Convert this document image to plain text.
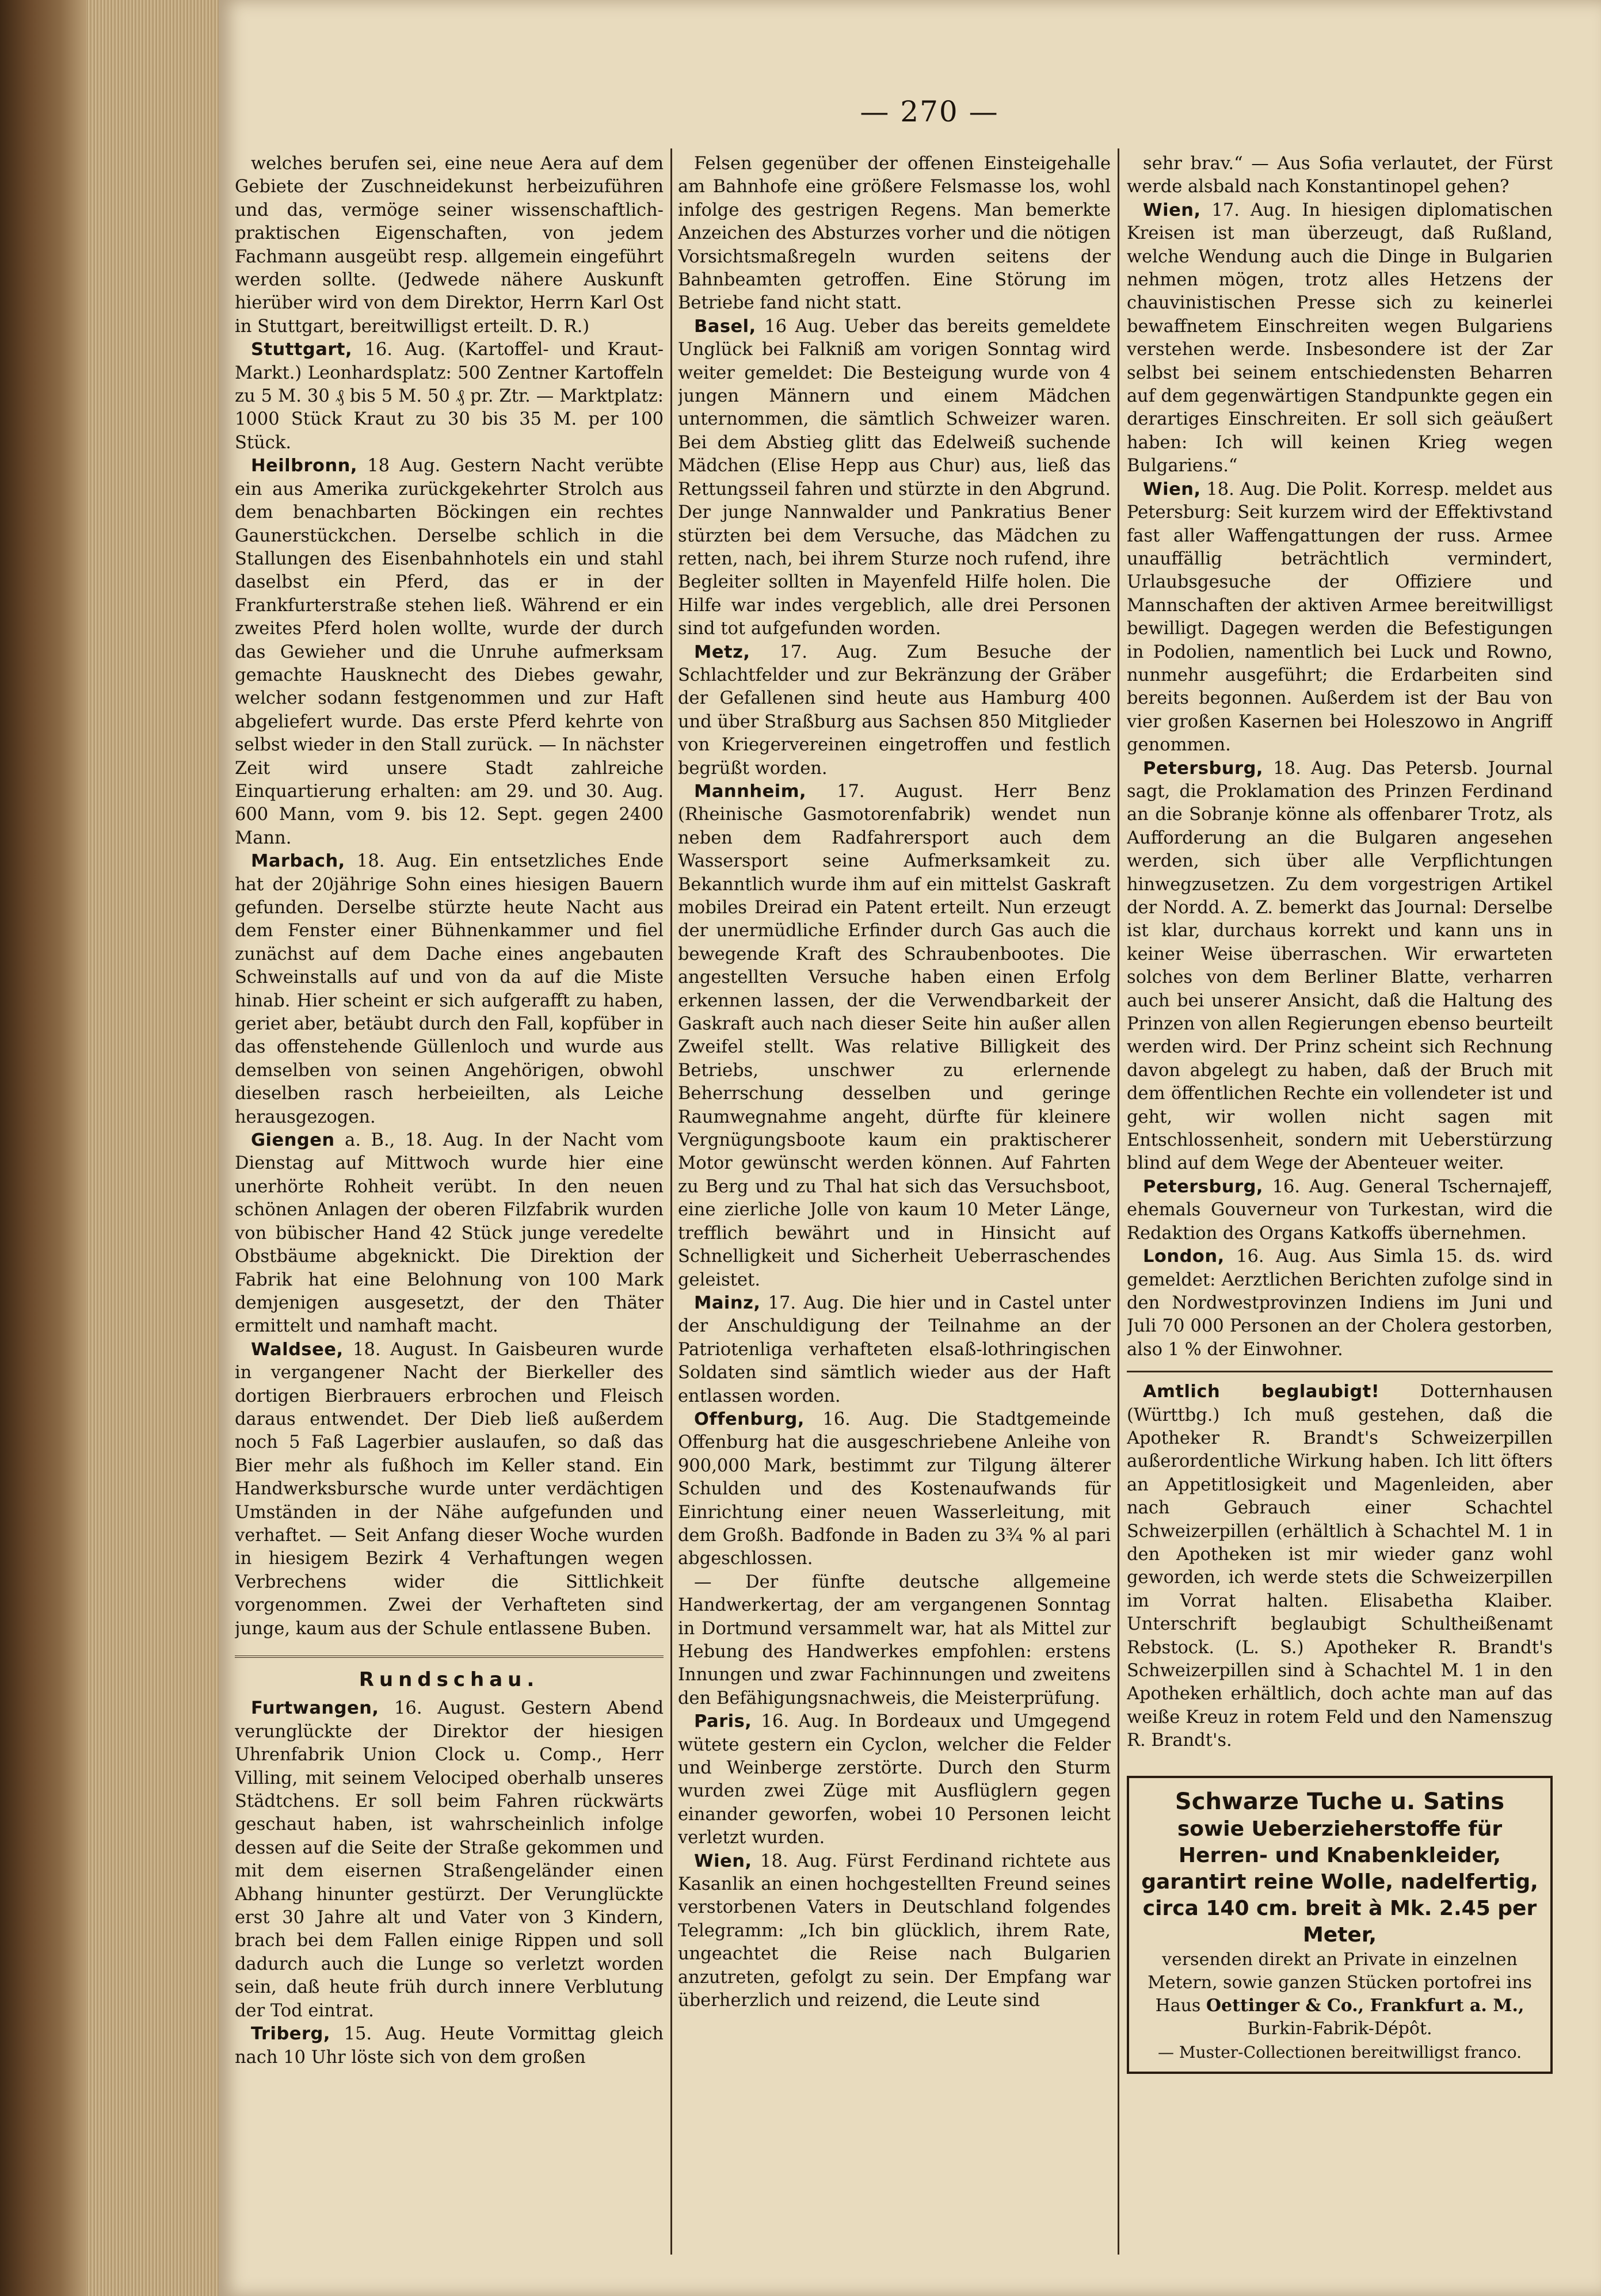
— 270 —

welches berufen sei, eine neue Aera auf dem Gebiete der Zuschneidekunst herbeizuführen und das, vermöge seiner wissenschaftlich-praktischen Eigenschaften, von jedem Fachmann ausgeübt resp. allgemein eingeführt werden sollte. (Jedwede nähere Auskunft hierüber wird von dem Direktor, Herrn Karl Ost in Stuttgart, bereitwilligst erteilt. D. R.)

Stuttgart, 16. Aug. (Kartoffel- und Kraut-Markt.) Leonhardsplatz: 500 Zentner Kartoffeln zu 5 M. 30 ₰ bis 5 M. 50 ₰ pr. Ztr. — Marktplatz: 1000 Stück Kraut zu 30 bis 35 M. per 100 Stück.

Heilbronn, 18 Aug. Gestern Nacht verübte ein aus Amerika zurückgekehrter Strolch aus dem benachbarten Böckingen ein rechtes Gaunerstückchen. Derselbe schlich in die Stallungen des Eisenbahnhotels ein und stahl daselbst ein Pferd, das er in der Frankfurterstraße stehen ließ. Während er ein zweites Pferd holen wollte, wurde der durch das Gewieher und die Unruhe aufmerksam gemachte Hausknecht des Diebes gewahr, welcher sodann festgenommen und zur Haft abgeliefert wurde. Das erste Pferd kehrte von selbst wieder in den Stall zurück. — In nächster Zeit wird unsere Stadt zahlreiche Einquartierung erhalten: am 29. und 30. Aug. 600 Mann, vom 9. bis 12. Sept. gegen 2400 Mann.

Marbach, 18. Aug. Ein entsetzliches Ende hat der 20jährige Sohn eines hiesigen Bauern gefunden. Derselbe stürzte heute Nacht aus dem Fenster einer Bühnenkammer und fiel zunächst auf dem Dache eines angebauten Schweinstalls auf und von da auf die Miste hinab. Hier scheint er sich aufgerafft zu haben, geriet aber, betäubt durch den Fall, kopfüber in das offenstehende Güllenloch und wurde aus demselben von seinen Angehörigen, obwohl dieselben rasch herbeieilten, als Leiche herausgezogen.

Giengen a. B., 18. Aug. In der Nacht vom Dienstag auf Mittwoch wurde hier eine unerhörte Rohheit verübt. In den neuen schönen Anlagen der oberen Filzfabrik wurden von bübischer Hand 42 Stück junge veredelte Obstbäume abgeknickt. Die Direktion der Fabrik hat eine Belohnung von 100 Mark demjenigen ausgesetzt, der den Thäter ermittelt und namhaft macht.

Waldsee, 18. August. In Gaisbeuren wurde in vergangener Nacht der Bierkeller des dortigen Bierbrauers erbrochen und Fleisch daraus entwendet. Der Dieb ließ außerdem noch 5 Faß Lagerbier auslaufen, so daß das Bier mehr als fußhoch im Keller stand. Ein Handwerksbursche wurde unter verdächtigen Umständen in der Nähe aufgefunden und verhaftet. — Seit Anfang dieser Woche wurden in hiesigem Bezirk 4 Verhaftungen wegen Verbrechens wider die Sittlichkeit vorgenommen. Zwei der Verhafteten sind junge, kaum aus der Schule entlassene Buben.

Rundschau.

Furtwangen, 16. August. Gestern Abend verunglückte der Direktor der hiesigen Uhrenfabrik Union Clock u. Comp., Herr Villing, mit seinem Velociped oberhalb unseres Städtchens. Er soll beim Fahren rückwärts geschaut haben, ist wahrscheinlich infolge dessen auf die Seite der Straße gekommen und mit dem eisernen Straßengeländer einen Abhang hinunter gestürzt. Der Verunglückte erst 30 Jahre alt und Vater von 3 Kindern, brach bei dem Fallen einige Rippen und soll dadurch auch die Lunge so verletzt worden sein, daß heute früh durch innere Verblutung der Tod eintrat.

Triberg, 15. Aug. Heute Vormittag gleich nach 10 Uhr löste sich von dem großen

Felsen gegenüber der offenen Einsteigehalle am Bahnhofe eine größere Felsmasse los, wohl infolge des gestrigen Regens. Man bemerkte Anzeichen des Absturzes vorher und die nötigen Vorsichtsmaßregeln wurden seitens der Bahnbeamten getroffen. Eine Störung im Betriebe fand nicht statt.

Basel, 16 Aug. Ueber das bereits gemeldete Unglück bei Falkniß am vorigen Sonntag wird weiter gemeldet: Die Besteigung wurde von 4 jungen Männern und einem Mädchen unternommen, die sämtlich Schweizer waren. Bei dem Abstieg glitt das Edelweiß suchende Mädchen (Elise Hepp aus Chur) aus, ließ das Rettungsseil fahren und stürzte in den Abgrund. Der junge Nannwalder und Pankratius Bener stürzten bei dem Versuche, das Mädchen zu retten, nach, bei ihrem Sturze noch rufend, ihre Begleiter sollten in Mayenfeld Hilfe holen. Die Hilfe war indes vergeblich, alle drei Personen sind tot aufgefunden worden.

Metz, 17. Aug. Zum Besuche der Schlachtfelder und zur Bekränzung der Gräber der Gefallenen sind heute aus Hamburg 400 und über Straßburg aus Sachsen 850 Mitglieder von Kriegervereinen eingetroffen und festlich begrüßt worden.

Mannheim, 17. August. Herr Benz (Rheinische Gasmotorenfabrik) wendet nun neben dem Radfahrersport auch dem Wassersport seine Aufmerksamkeit zu. Bekanntlich wurde ihm auf ein mittelst Gaskraft mobiles Dreirad ein Patent erteilt. Nun erzeugt der unermüdliche Erfinder durch Gas auch die bewegende Kraft des Schraubenbootes. Die angestellten Versuche haben einen Erfolg erkennen lassen, der die Verwendbarkeit der Gaskraft auch nach dieser Seite hin außer allen Zweifel stellt. Was relative Billigkeit des Betriebs, unschwer zu erlernende Beherrschung desselben und geringe Raumwegnahme angeht, dürfte für kleinere Vergnügungsboote kaum ein praktischerer Motor gewünscht werden können. Auf Fahrten zu Berg und zu Thal hat sich das Versuchsboot, eine zierliche Jolle von kaum 10 Meter Länge, trefflich bewährt und in Hinsicht auf Schnelligkeit und Sicherheit Ueberraschendes geleistet.

Mainz, 17. Aug. Die hier und in Castel unter der Anschuldigung der Teilnahme an der Patriotenliga verhafteten elsaß-lothringischen Soldaten sind sämtlich wieder aus der Haft entlassen worden.

Offenburg, 16. Aug. Die Stadtgemeinde Offenburg hat die ausgeschriebene Anleihe von 900,000 Mark, bestimmt zur Tilgung älterer Schulden und des Kostenaufwands für Einrichtung einer neuen Wasserleitung, mit dem Großh. Badfonde in Baden zu 3¾ % al pari abgeschlossen.

— Der fünfte deutsche allgemeine Handwerkertag, der am vergangenen Sonntag in Dortmund versammelt war, hat als Mittel zur Hebung des Handwerkes empfohlen: erstens Innungen und zwar Fachinnungen und zweitens den Befähigungsnachweis, die Meisterprüfung.

Paris, 16. Aug. In Bordeaux und Umgegend wütete gestern ein Cyclon, welcher die Felder und Weinberge zerstörte. Durch den Sturm wurden zwei Züge mit Ausflüglern gegen einander geworfen, wobei 10 Personen leicht verletzt wurden.

Wien, 18. Aug. Fürst Ferdinand richtete aus Kasanlik an einen hochgestellten Freund seines verstorbenen Vaters in Deutschland folgendes Telegramm: „Ich bin glücklich, ihrem Rate, ungeachtet die Reise nach Bulgarien anzutreten, gefolgt zu sein. Der Empfang war überherzlich und reizend, die Leute sind

sehr brav.“ — Aus Sofia verlautet, der Fürst werde alsbald nach Konstantinopel gehen?

Wien, 17. Aug. In hiesigen diplomatischen Kreisen ist man überzeugt, daß Rußland, welche Wendung auch die Dinge in Bulgarien nehmen mögen, trotz alles Hetzens der chauvinistischen Presse sich zu keinerlei bewaffnetem Einschreiten wegen Bulgariens verstehen werde. Insbesondere ist der Zar selbst bei seinem entschiedensten Beharren auf dem gegenwärtigen Standpunkte gegen ein derartiges Einschreiten. Er soll sich geäußert haben: Ich will keinen Krieg wegen Bulgariens.“

Wien, 18. Aug. Die Polit. Korresp. meldet aus Petersburg: Seit kurzem wird der Effektivstand fast aller Waffengattungen der russ. Armee unauffällig beträchtlich vermindert, Urlaubsgesuche der Offiziere und Mannschaften der aktiven Armee bereitwilligst bewilligt. Dagegen werden die Befestigungen in Podolien, namentlich bei Luck und Rowno, nunmehr ausgeführt; die Erdarbeiten sind bereits begonnen. Außerdem ist der Bau von vier großen Kasernen bei Holeszowo in Angriff genommen.

Petersburg, 18. Aug. Das Petersb. Journal sagt, die Proklamation des Prinzen Ferdinand an die Sobranje könne als offenbarer Trotz, als Aufforderung an die Bulgaren angesehen werden, sich über alle Verpflichtungen hinwegzusetzen. Zu dem vorgestrigen Artikel der Nordd. A. Z. bemerkt das Journal: Derselbe ist klar, durchaus korrekt und kann uns in keiner Weise überraschen. Wir erwarteten solches von dem Berliner Blatte, verharren auch bei unserer Ansicht, daß die Haltung des Prinzen von allen Regierungen ebenso beurteilt werden wird. Der Prinz scheint sich Rechnung davon abgelegt zu haben, daß der Bruch mit dem öffentlichen Rechte ein vollendeter ist und geht, wir wollen nicht sagen mit Entschlossenheit, sondern mit Ueberstürzung blind auf dem Wege der Abenteuer weiter.

Petersburg, 16. Aug. General Tschernajeff, ehemals Gouverneur von Turkestan, wird die Redaktion des Organs Katkoffs übernehmen.

London, 16. Aug. Aus Simla 15. ds. wird gemeldet: Aerztlichen Berichten zufolge sind in den Nordwestprovinzen Indiens im Juni und Juli 70 000 Personen an der Cholera gestorben, also 1 % der Einwohner.

Amtlich beglaubigt! Dotternhausen (Württbg.) Ich muß gestehen, daß die Apotheker R. Brandt's Schweizerpillen außerordentliche Wirkung haben. Ich litt öfters an Appetitlosigkeit und Magenleiden, aber nach Gebrauch einer Schachtel Schweizerpillen (erhältlich à Schachtel M. 1 in den Apotheken ist mir wieder ganz wohl geworden, ich werde stets die Schweizerpillen im Vorrat halten. Elisabetha Klaiber. Unterschrift beglaubigt Schultheißenamt Rebstock. (L. S.) Apotheker R. Brandt's Schweizerpillen sind à Schachtel M. 1 in den Apotheken erhältlich, doch achte man auf das weiße Kreuz in rotem Feld und den Namenszug R. Brandt's.

Schwarze Tuche u. Satins
sowie Ueberzieherstoffe für Herren- und Knabenkleider, garantirt reine Wolle, nadelfertig, circa 140 cm. breit à Mk. 2.45 per Meter,
versenden direkt an Private in einzelnen Metern, sowie ganzen Stücken portofrei ins Haus Oettinger & Co., Frankfurt a. M., Burkin-Fabrik-Dépôt.
— Muster-Collectionen bereitwilligst franco.
